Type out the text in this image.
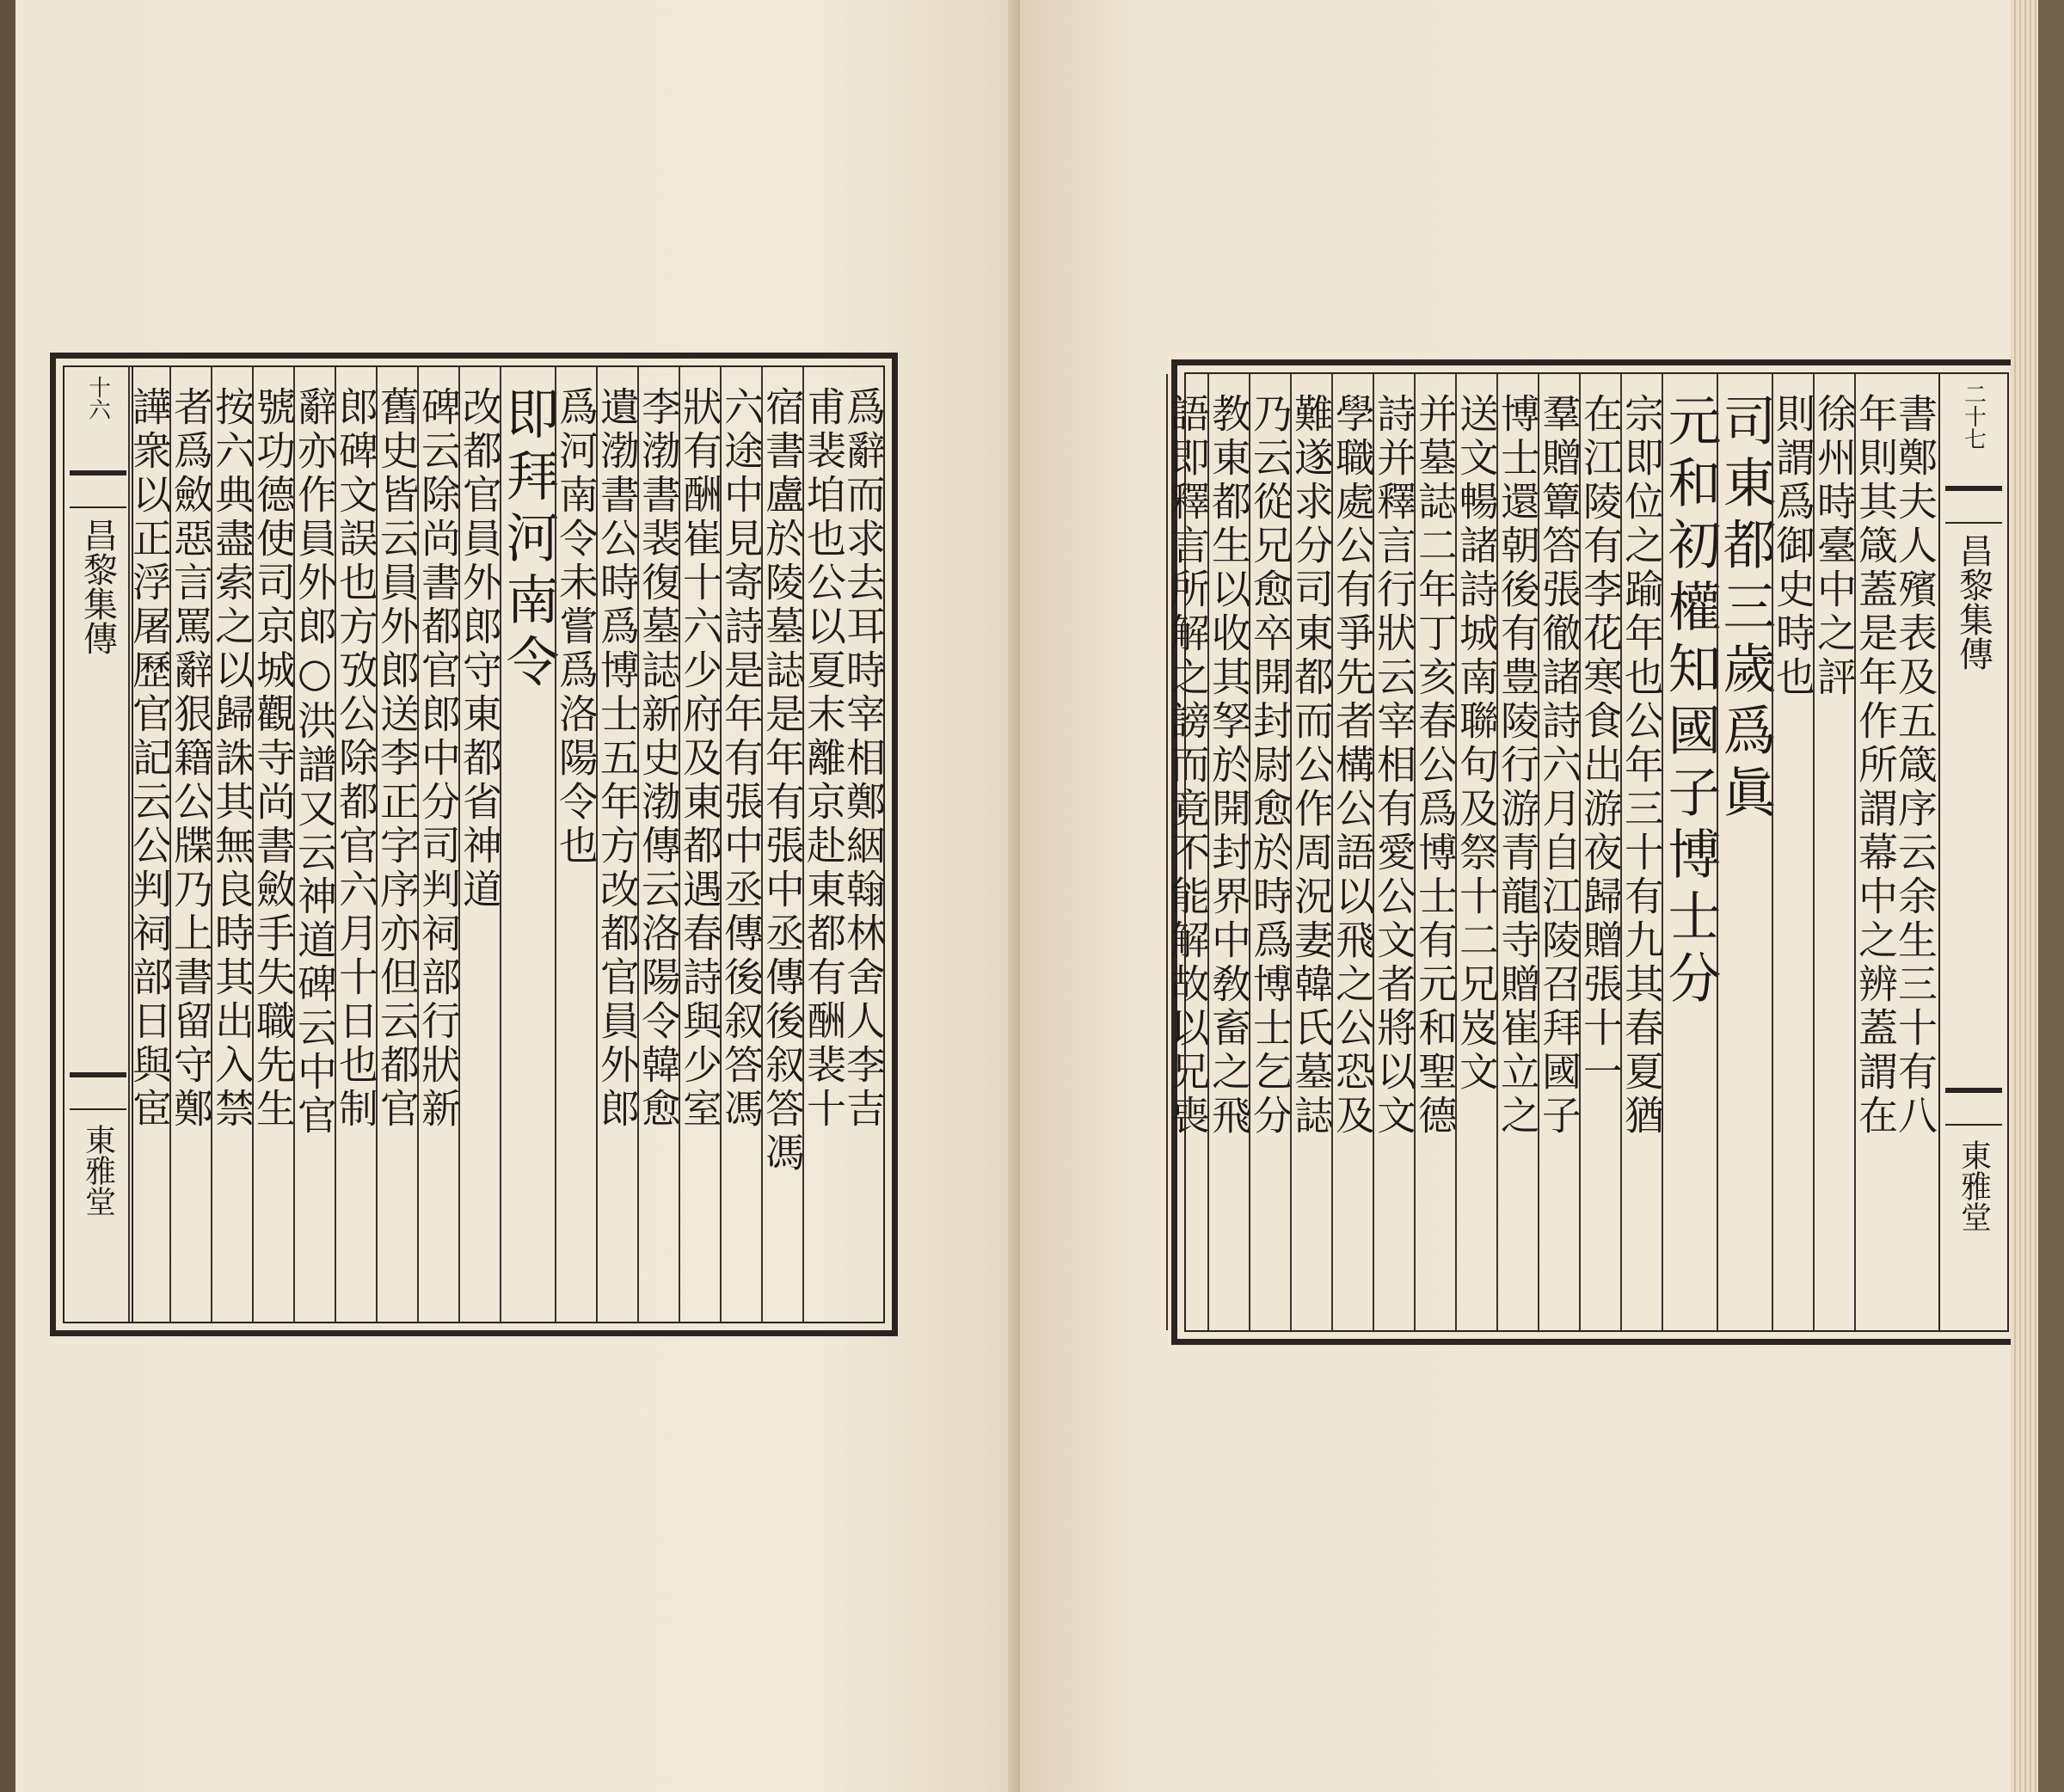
爲辭而求去耳時宰相鄭絪翰林舍人李吉
甫裴垍也公以夏末離京赴東都有酬裴十
宿書盧於陵墓誌是年有張中丞傳後叙答馮
六途中見寄詩是年有張中丞傳後叙答馮
狀有酬崔十六少府及東都遇春詩與少室
李渤書裴復墓誌新史渤傳云洛陽令韓愈
遺渤書公時爲博士五年方改都官員外郎
爲河南令未嘗爲洛陽令也
即拜河南令
改都官員外郎守東都省神道
碑云除尚書都官郎中分司判祠部行狀新
舊史皆云員外郎送李正字序亦但云都官
郎碑文誤也方攷公除都官六月十日也制
辭亦作員外郎○洪譜又云神道碑云中官
號功德使司京城觀寺尚書斂手失職先生
按六典盡索之以歸誅其無良時其出入禁
者爲斂惡言罵辭狠籍公牒乃上書留守鄭
譁衆以正浮屠歷官記云公判祠部日與宦
十六
昌黎集傳
東雅堂
書鄭夫人殯表及五箴序云余生三十有八
年則其箴蓋是年作所謂幕中之辨蓋謂在
徐州時臺中之評
則謂爲御史時也
司東都三歲爲眞
元和初權知國子博士分
宗即位之踰年也公年三十有九其春夏猶
在江陵有李花寒食出游夜歸贈張十一
羣贈簟答張徹諸詩六月自江陵召拜國子
博士還朝後有豊陵行游青龍寺贈崔立之
送文暢諸詩城南聯句及祭十二兄岌文
并墓誌二年丁亥春公爲博士有元和聖德
詩并釋言行狀云宰相有愛公文者將以文
學職處公有爭先者構公語以飛之公恐及
難遂求分司東都而公作周況妻韓氏墓誌
乃云從兄愈卒開封尉愈於時爲博士乞分
教東都生以收其孥於開封界中敎畜之飛
語即釋言所解之謗而竟不能解故以兄喪	二十七
昌黎集傳
東雅堂
